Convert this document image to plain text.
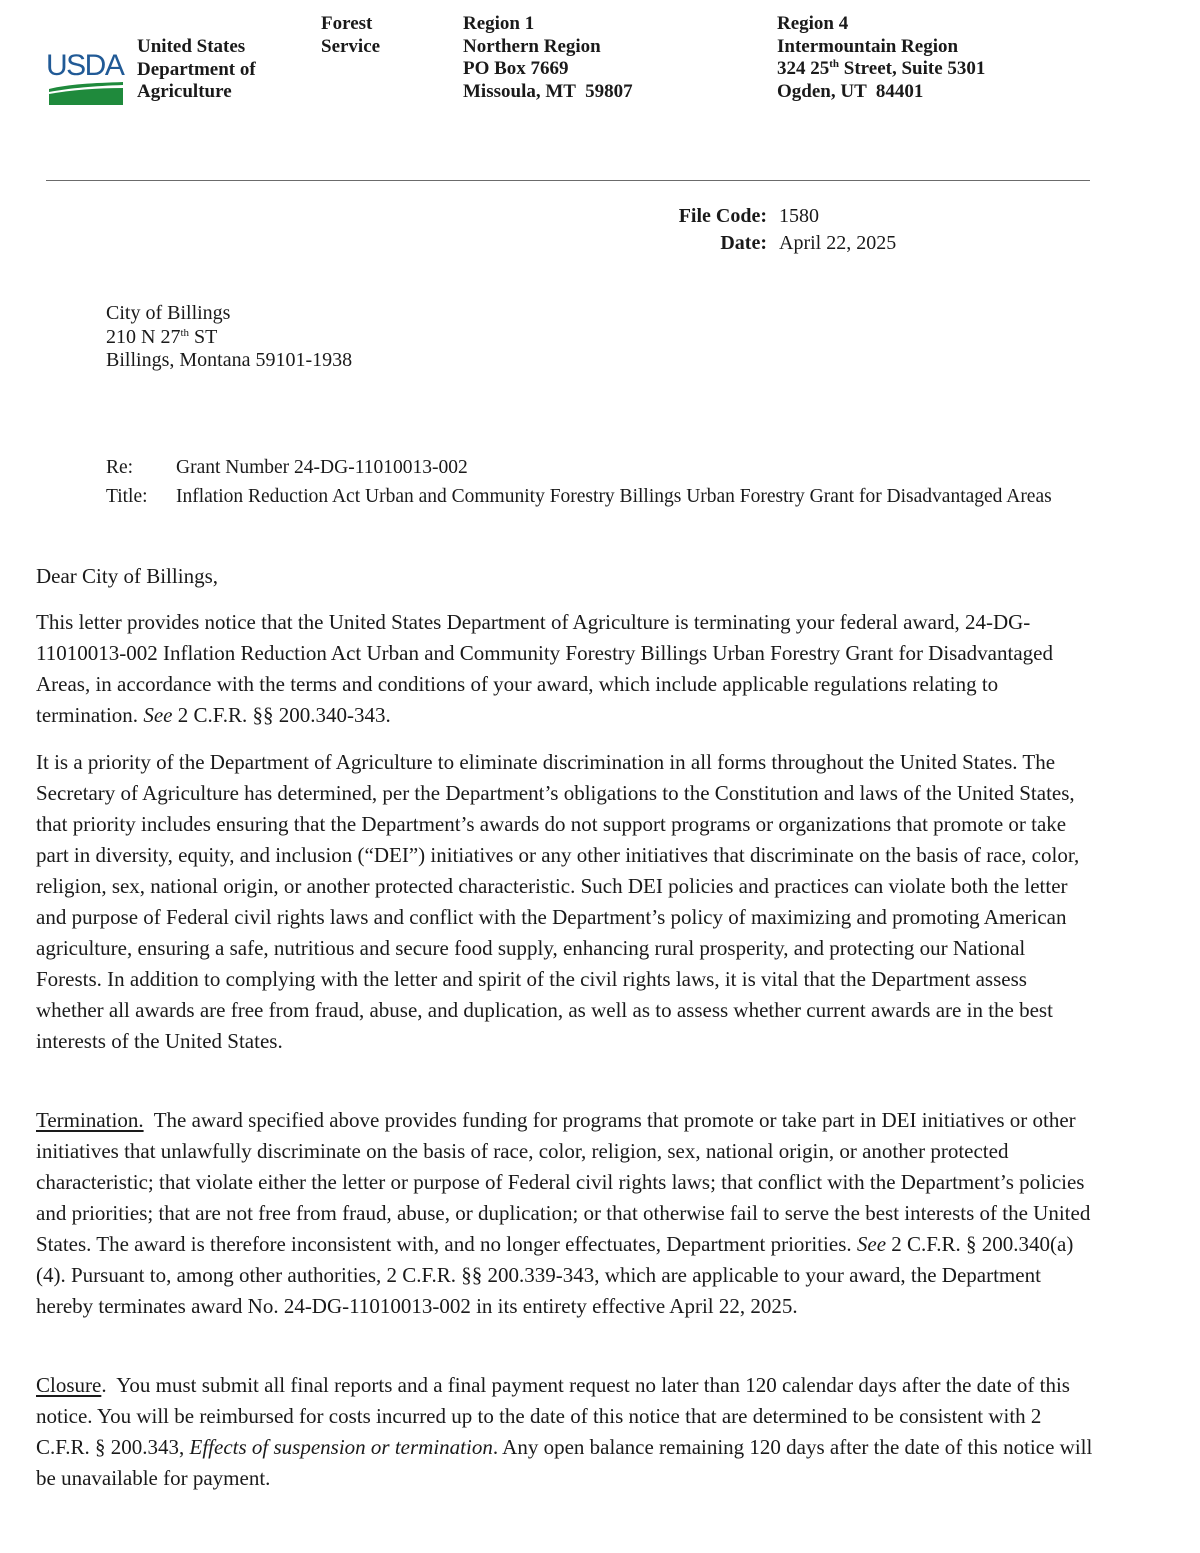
USDA
United States
Department of
Agriculture
Forest
Service
Region 1
Northern Region
PO Box 7669
Missoula, MT  59807
Region 4
Intermountain Region
324 25th Street, Suite 5301
Ogden, UT  84401
File Code: 1580
Date: April 22, 2025
City of Billings
210 N 27th ST
Billings, Montana 59101-1938
Re: Grant Number 24-DG-11010013-002
Title: Inflation Reduction Act Urban and Community Forestry Billings Urban Forestry Grant for Disadvantaged Areas
Dear City of Billings,

This letter provides notice that the United States Department of Agriculture is terminating your federal award, 24-DG-11010013-002 Inflation Reduction Act Urban and Community Forestry Billings Urban Forestry Grant for Disadvantaged Areas, in accordance with the terms and conditions of your award, which include applicable regulations relating to termination. See 2 C.F.R. §§ 200.340-343.

It is a priority of the Department of Agriculture to eliminate discrimination in all forms throughout the United States. The Secretary of Agriculture has determined, per the Department’s obligations to the Constitution and laws of the United States, that priority includes ensuring that the Department’s awards do not support programs or organizations that promote or take part in diversity, equity, and inclusion (“DEI”) initiatives or any other initiatives that discriminate on the basis of race, color, religion, sex, national origin, or another protected characteristic. Such DEI policies and practices can violate both the letter and purpose of Federal civil rights laws and conflict with the Department’s policy of maximizing and promoting American agriculture, ensuring a safe, nutritious and secure food supply, enhancing rural prosperity, and protecting our National Forests. In addition to complying with the letter and spirit of the civil rights laws, it is vital that the Department assess whether all awards are free from fraud, abuse, and duplication, as well as to assess whether current awards are in the best interests of the United States.

Termination.  The award specified above provides funding for programs that promote or take part in DEI initiatives or other initiatives that unlawfully discriminate on the basis of race, color, religion, sex, national origin, or another protected characteristic; that violate either the letter or purpose of Federal civil rights laws; that conflict with the Department’s policies and priorities; that are not free from fraud, abuse, or duplication; or that otherwise fail to serve the best interests of the United States. The award is therefore inconsistent with, and no longer effectuates, Department priorities. See 2 C.F.R. § 200.340(a)(4). Pursuant to, among other authorities, 2 C.F.R. §§ 200.339-343, which are applicable to your award, the Department hereby terminates award No. 24-DG-11010013-002 in its entirety effective April 22, 2025.

Closure.  You must submit all final reports and a final payment request no later than 120 calendar days after the date of this notice. You will be reimbursed for costs incurred up to the date of this notice that are determined to be consistent with 2 C.F.R. § 200.343, Effects of suspension or termination. Any open balance remaining 120 days after the date of this notice will be unavailable for payment.
